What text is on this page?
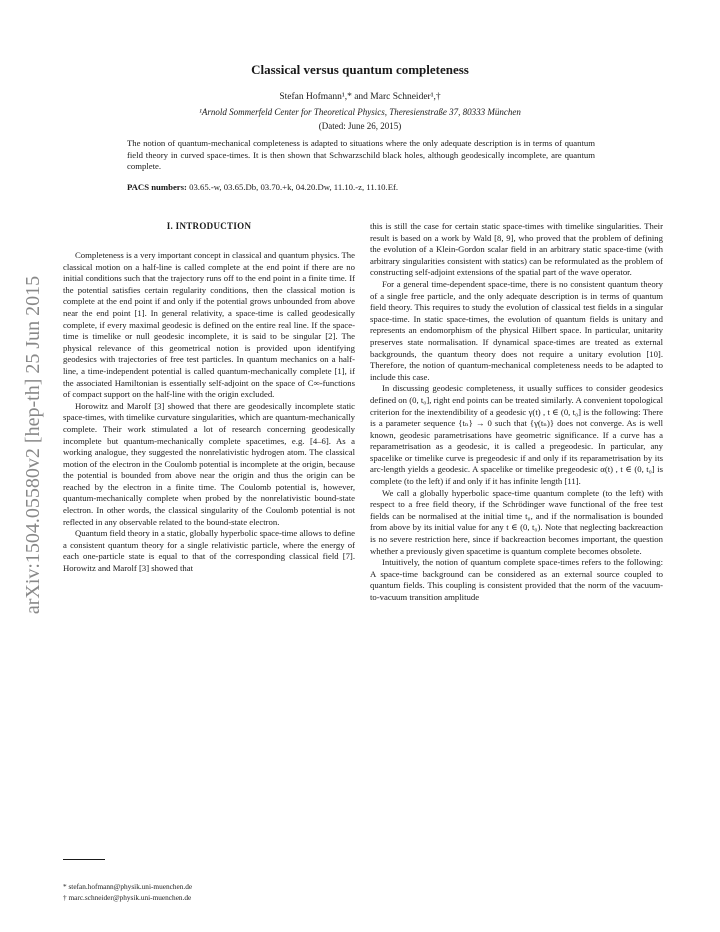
arXiv:1504.05580v2 [hep-th] 25 Jun 2015
Classical versus quantum completeness
Stefan Hofmann¹,* and Marc Schneider¹,†
¹Arnold Sommerfeld Center for Theoretical Physics, Theresienstraße 37, 80333 München
(Dated: June 26, 2015)
The notion of quantum-mechanical completeness is adapted to situations where the only adequate description is in terms of quantum field theory in curved space-times. It is then shown that Schwarzschild black holes, although geodesically incomplete, are quantum complete.
PACS numbers: 03.65.-w, 03.65.Db, 03.70.+k, 04.20.Dw, 11.10.-z, 11.10.Ef.
I. INTRODUCTION

Completeness is a very important concept in classical and quantum physics. The classical motion on a half-line is called complete at the end point if there are no initial conditions such that the trajectory runs off to the end point in a finite time. If the potential satisfies certain regularity conditions, then the classical motion is complete at the end point if and only if the potential grows unbounded from above near the end point [1]. In general relativity, a space-time is called geodesically complete, if every maximal geodesic is defined on the entire real line. If the space-time is timelike or null geodesic incomplete, it is said to be singular [2]. The physical relevance of this geometrical notion is provided upon identifying geodesics with trajectories of free test particles. In quantum mechanics on a half-line, a time-independent potential is called quantum-mechanically complete [1], if the associated Hamiltonian is essentially self-adjoint on the space of C∞-functions of compact support on the half-line with the origin excluded.

Horowitz and Marolf [3] showed that there are geodesically incomplete static space-times, with timelike curvature singularities, which are quantum-mechanically complete. Their work stimulated a lot of research concerning geodesically incomplete but quantum-mechanically complete spacetimes, e.g. [4–6]. As a working analogue, they suggested the nonrelativistic hydrogen atom. The classical motion of the electron in the Coulomb potential is incomplete at the origin, because the potential is bounded from above near the origin and thus the origin can be reached by the electron in a finite time. The Coulomb potential is, however, quantum-mechanically complete when probed by the nonrelativistic bound-state electron. In other words, the classical singularity of the Coulomb potential is not reflected in any observable related to the bound-state electron.

Quantum field theory in a static, globally hyperbolic space-time allows to define a consistent quantum theory for a single relativistic particle, where the energy of each one-particle state is equal to that of the corresponding classical field [7]. Horowitz and Marolf [3] showed that

this is still the case for certain static space-times with timelike singularities. Their result is based on a work by Wald [8, 9], who proved that the problem of defining the evolution of a Klein-Gordon scalar field in an arbitrary static space-time (with arbitrary singularities consistent with statics) can be reformulated as the problem of constructing self-adjoint extensions of the spatial part of the wave operator.

For a general time-dependent space-time, there is no consistent quantum theory of a single free particle, and the only adequate description is in terms of quantum field theory. This requires to study the evolution of classical test fields in a singular space-time. In static space-times, the evolution of quantum fields is unitary and represents an endomorphism of the physical Hilbert space. In particular, unitarity preserves state normalisation. If dynamical space-times are treated as external backgrounds, the quantum theory does not require a unitary evolution [10]. Therefore, the notion of quantum-mechanical completeness needs to be adapted to include this case.

In discussing geodesic completeness, it usually suffices to consider geodesics defined on (0, t₀], right end points can be treated similarly. A convenient topological criterion for the inextendibility of a geodesic γ(t) , t ∈ (0, t₀] is the following: There is a parameter sequence {tₙ} → 0 such that {γ(tₙ)} does not converge. As is well known, geodesic parametrisations have geometric significance. If a curve has a reparametrisation as a geodesic, it is called a pregeodesic. In particular, any spacelike or timelike curve is pregeodesic if and only if its reparametrisation by its arc-length yields a geodesic. A spacelike or timelike pregeodesic α(t) , t ∈ (0, t₀] is complete (to the left) if and only if it has infinite length [11].

We call a globally hyperbolic space-time quantum complete (to the left) with respect to a free field theory, if the Schrödinger wave functional of the free test fields can be normalised at the initial time t₀, and if the normalisation is bounded from above by its initial value for any t ∈ (0, t₀). Note that neglecting backreaction is no severe restriction here, since if backreaction becomes important, the question whether a previously given spacetime is quantum complete becomes obsolete.

Intuitively, the notion of quantum complete space-times refers to the following: A space-time background can be considered as an external source coupled to quantum fields. This coupling is consistent provided that the norm of the vacuum-to-vacuum transition amplitude

* stefan.hofmann@physik.uni-muenchen.de
† marc.schneider@physik.uni-muenchen.de
